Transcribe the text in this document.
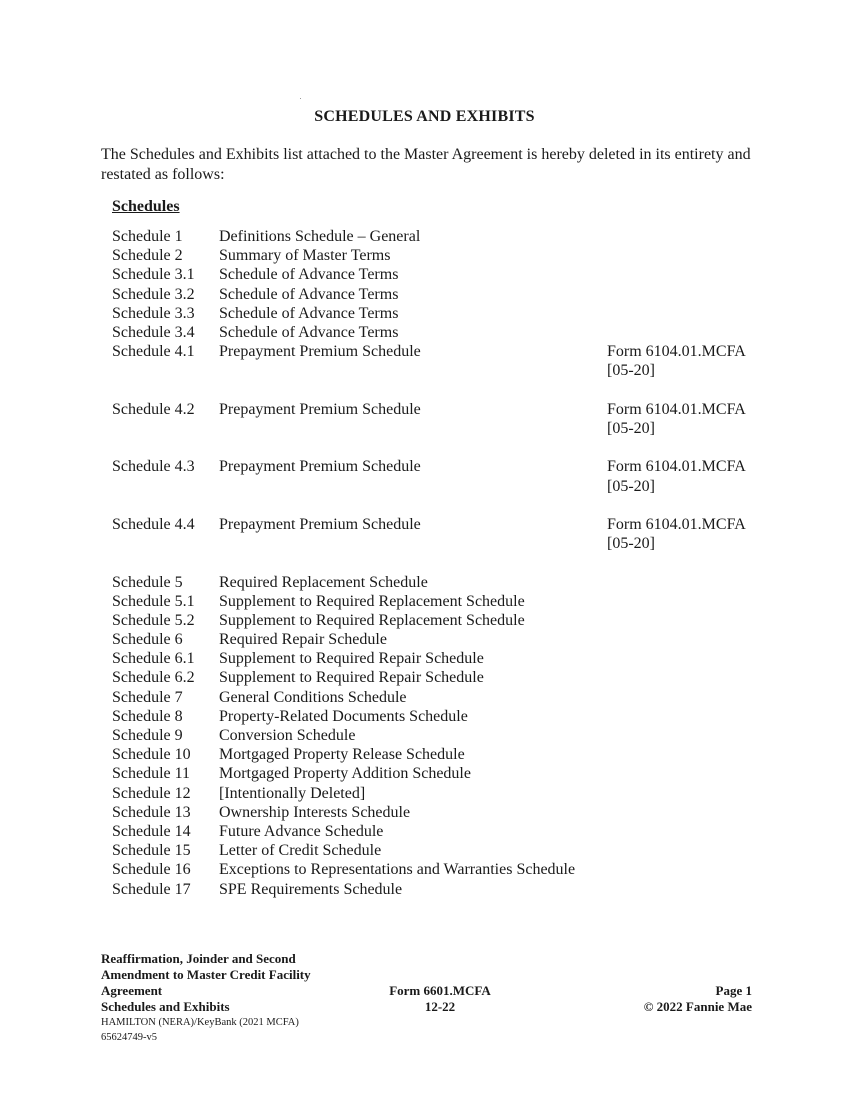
SCHEDULES AND EXHIBITS
The Schedules and Exhibits list attached to the Master Agreement is hereby deleted in its entirety and restated as follows:
Schedules
Schedule 1 Definitions Schedule – General
Schedule 2 Summary of Master Terms
Schedule 3.1 Schedule of Advance Terms
Schedule 3.2 Schedule of Advance Terms
Schedule 3.3 Schedule of Advance Terms
Schedule 3.4 Schedule of Advance Terms
Schedule 4.1 Prepayment Premium Schedule	Form 6104.01.MCFA [05-20]
Schedule 4.2 Prepayment Premium Schedule	Form 6104.01.MCFA [05-20]
Schedule 4.3 Prepayment Premium Schedule	Form 6104.01.MCFA [05-20]
Schedule 4.4 Prepayment Premium Schedule	Form 6104.01.MCFA [05-20]
Schedule 5 Required Replacement Schedule
Schedule 5.1 Supplement to Required Replacement Schedule
Schedule 5.2 Supplement to Required Replacement Schedule
Schedule 6 Required Repair Schedule
Schedule 6.1 Supplement to Required Repair Schedule
Schedule 6.2 Supplement to Required Repair Schedule
Schedule 7 General Conditions Schedule
Schedule 8 Property-Related Documents Schedule
Schedule 9 Conversion Schedule
Schedule 10 Mortgaged Property Release Schedule
Schedule 11 Mortgaged Property Addition Schedule
Schedule 12 [Intentionally Deleted]
Schedule 13 Ownership Interests Schedule
Schedule 14 Future Advance Schedule
Schedule 15 Letter of Credit Schedule
Schedule 16 Exceptions to Representations and Warranties Schedule
Schedule 17 SPE Requirements Schedule
Reaffirmation, Joinder and Second
Amendment to Master Credit Facility
Agreement
Schedules and Exhibits
HAMILTON (NERA)/KeyBank (2021 MCFA)
65624749-v5
Form 6601.MCFA
12-22
Page 1
© 2022 Fannie Mae
